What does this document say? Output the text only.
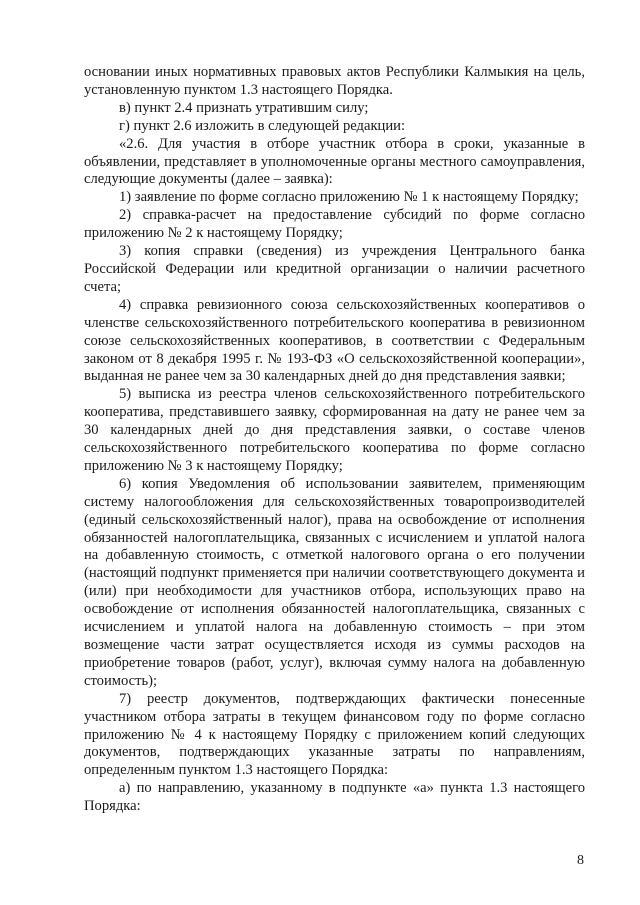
основании иных нормативных правовых актов Республики Калмыкия на цель, установленную пунктом 1.3 настоящего Порядка.

в) пункт 2.4 признать утратившим силу;

г) пункт 2.6 изложить в следующей редакции:

«2.6. Для участия в отборе участник отбора в сроки, указанные в объявлении, представляет в уполномоченные органы местного самоуправления, следующие документы (далее – заявка):

1) заявление по форме согласно приложению № 1 к настоящему Порядку;

2) справка-расчет на предоставление субсидий по форме согласно приложению № 2 к настоящему Порядку;

3) копия справки (сведения) из учреждения Центрального банка Российской Федерации или кредитной организации о наличии расчетного счета;

4) справка ревизионного союза сельскохозяйственных кооперативов о членстве сельскохозяйственного потребительского кооператива в ревизионном союзе сельскохозяйственных кооперативов, в соответствии с Федеральным законом от 8 декабря 1995 г. № 193-ФЗ «О сельскохозяйственной кооперации», выданная не ранее чем за 30 календарных дней до дня представления заявки;

5) выписка из реестра членов сельскохозяйственного потребительского кооператива, представившего заявку, сформированная на дату не ранее чем за 30 календарных дней до дня представления заявки, о составе членов сельскохозяйственного потребительского кооператива по форме согласно приложению № 3 к настоящему Порядку;

6) копия Уведомления об использовании заявителем, применяющим систему налогообложения для сельскохозяйственных товаропроизводителей (единый сельскохозяйственный налог), права на освобождение от исполнения обязанностей налогоплательщика, связанных с исчислением и уплатой налога на добавленную стоимость, с отметкой налогового органа о его получении (настоящий подпункт применяется при наличии соответствующего документа и (или) при необходимости для участников отбора, использующих право на освобождение от исполнения обязанностей налогоплательщика, связанных с исчислением и уплатой налога на добавленную стоимость – при этом возмещение части затрат осуществляется исходя из суммы расходов на приобретение товаров (работ, услуг), включая сумму налога на добавленную стоимость);

7) реестр документов, подтверждающих фактически понесенные участником отбора затраты в текущем финансовом году по форме согласно приложению № 4 к настоящему Порядку с приложением копий следующих документов, подтверждающих указанные затраты по направлениям, определенным пунктом 1.3 настоящего Порядка:

а) по направлению, указанному в подпункте «а» пункта 1.3 настоящего Порядка:

8
